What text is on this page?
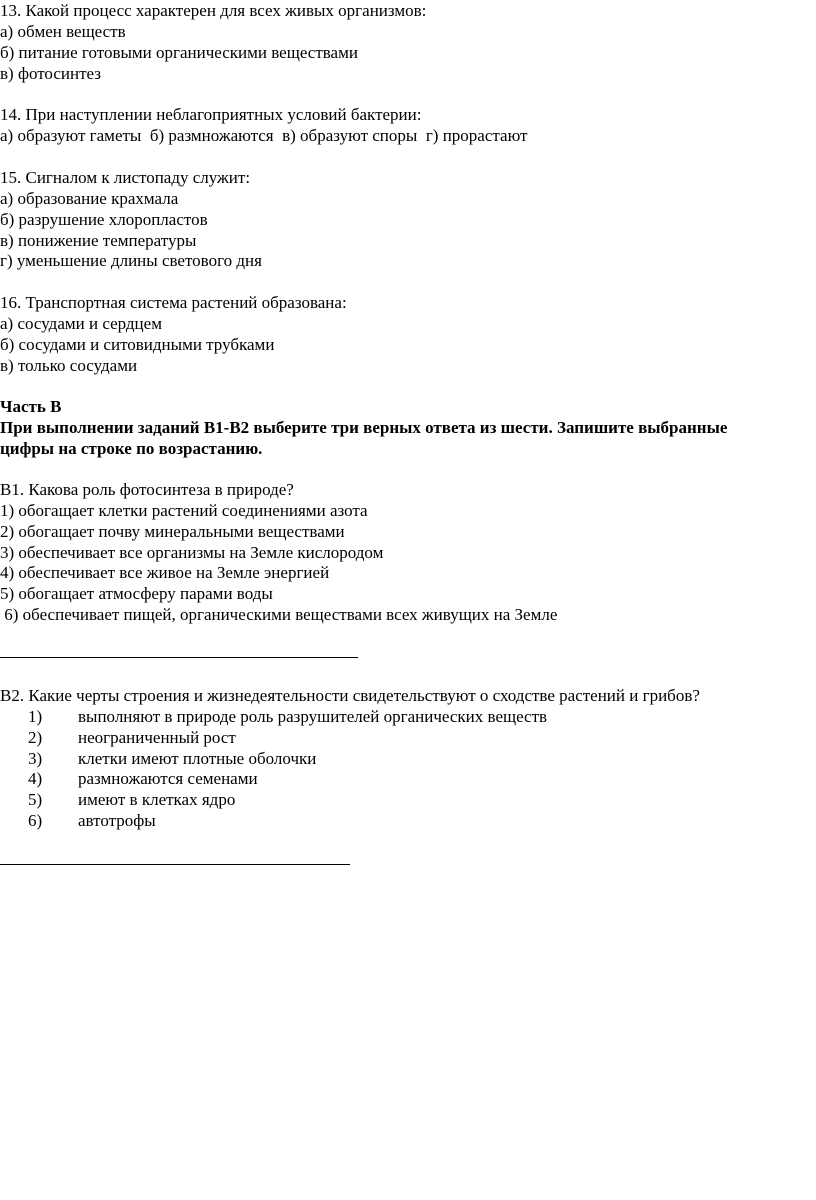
13. Какой процесс характерен для всех живых организмов:
а) обмен веществ
б) питание готовыми органическими веществами
в) фотосинтез
14. При наступлении неблагоприятных условий бактерии:
а) образуют гаметы  б) размножаются  в) образуют споры  г) прорастают
15. Сигналом к листопаду служит:
а) образование крахмала
б) разрушение хлоропластов
в) понижение температуры
г) уменьшение длины светового дня
16. Транспортная система растений образована:
а) сосудами и сердцем
б) сосудами и ситовидными трубками
в) только сосудами
Часть В
При выполнении заданий В1-В2 выберите три верных ответа из шести. Запишите выбранные
цифры на строке по возрастанию.
В1. Какова роль фотосинтеза в природе?
1) обогащает клетки растений соединениями азота
2) обогащает почву минеральными веществами
3) обеспечивает все организмы на Земле кислородом
4) обеспечивает все живое на Земле энергией
5) обогащает атмосферу парами воды
6) обеспечивает пищей, органическими веществами всех живущих на Земле
В2. Какие черты строения и жизнедеятельности свидетельствуют о сходстве растений и грибов?
1) выполняют в природе роль разрушителей органических веществ
2) неограниченный рост
3) клетки имеют плотные оболочки
4) размножаются семенами
5) имеют в клетках ядро
6) автотрофы
